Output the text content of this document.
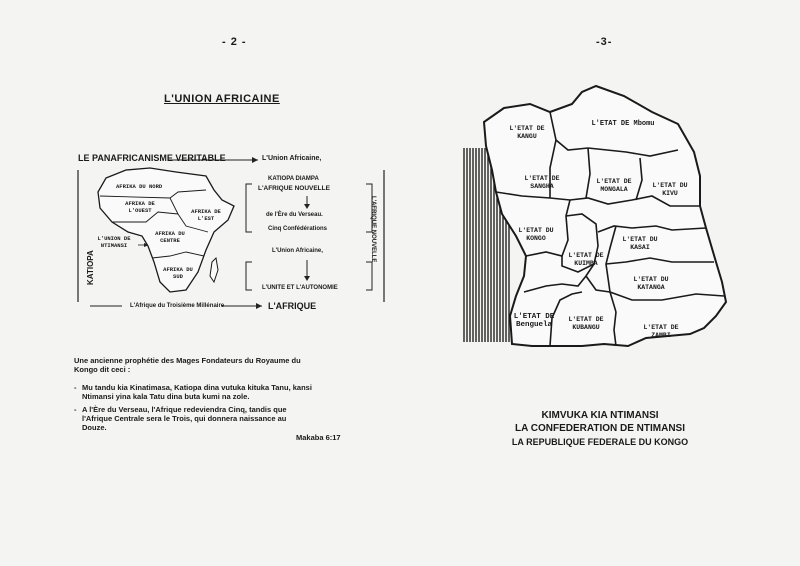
- 2 -
L'UNION AFRICAINE
LE PANAFRICANISME VERITABLE	L'Union Africaine,
KATIOPA
L'AFRIQUE NOUVELLE
AFRIKA DU NORD
AFRIKA DE L'OUEST	AFRIKA DE L'EST
AFRIKA DU CENTRE
AFRIKA DU SUD
L'UNION DE NTIMANSI
KATIOPA DIAMPA
L'AFRIQUE NOUVELLE
de l'Ère du Verseau.
Cinq Confédérations
L'Union Africaine,
L'UNITE ET L'AUTONOMIE
L'Afrique du Troisième Millénaire	L'AFRIQUE
Une ancienne prophétie des Mages Fondateurs du Royaume du
Kongo dit ceci :
- Mu tandu kia Kinatimasa, Katiopa dina vutuka kituka Tanu, kansi
Ntimansi yina kala Tatu dina buta kumi na zole.
- A l'Ère du Verseau, l'Afrique redeviendra Cinq, tandis que
l'Afrique Centrale sera le Trois, qui donnera naissance au
Douze.
Makaba 6:17
-3-
L'ETAT DE KANGU
L'ETAT DE Mbomu
L'ETAT DE SANGHA
L'ETAT DE MONGALA
L'ETAT DU KIVU
L'ETAT DU KONGO
L'ETAT DE KUIMBA
L'ETAT DU KASAI
L'ETAT DU KATANGA
L'ETAT DE Benguela
L'ETAT DE KUBANGU	L'ETAT DE ZAMBI
KIMVUKA KIA NTIMANSI
LA CONFEDERATION DE NTIMANSI
LA REPUBLIQUE FEDERALE DU KONGO
